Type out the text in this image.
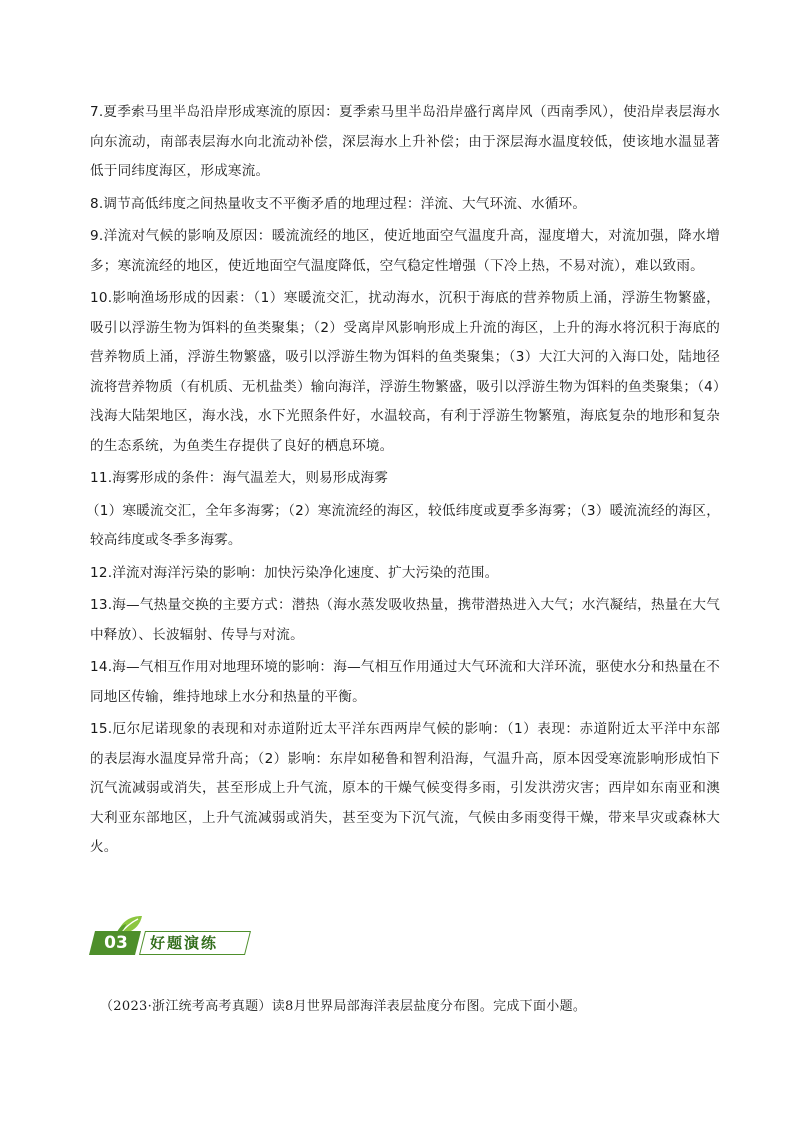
7.夏季索马里半岛沿岸形成寒流的原因：夏季索马里半岛沿岸盛行离岸风（西南季风），使沿岸表层海水向东流动，南部表层海水向北流动补偿，深层海水上升补偿；由于深层海水温度较低，使该地水温显著低于同纬度海区，形成寒流。

8.调节高低纬度之间热量收支不平衡矛盾的地理过程：洋流、大气环流、水循环。

9.洋流对气候的影响及原因：暖流流经的地区，使近地面空气温度升高，湿度增大，对流加强，降水增多；寒流流经的地区，使近地面空气温度降低，空气稳定性增强（下冷上热，不易对流），难以致雨。

10.影响渔场形成的因素：（1）寒暖流交汇，扰动海水，沉积于海底的营养物质上涌，浮游生物繁盛，吸引以浮游生物为饵料的鱼类聚集；（2）受离岸风影响形成上升流的海区，上升的海水将沉积于海底的营养物质上涌，浮游生物繁盛，吸引以浮游生物为饵料的鱼类聚集；（3）大江大河的入海口处，陆地径流将营养物质（有机质、无机盐类）输向海洋，浮游生物繁盛，吸引以浮游生物为饵料的鱼类聚集；（4）浅海大陆架地区，海水浅，水下光照条件好，水温较高，有利于浮游生物繁殖，海底复杂的地形和复杂的生态系统，为鱼类生存提供了良好的栖息环境。

11.海雾形成的条件：海气温差大，则易形成海雾

（1）寒暖流交汇，全年多海雾；（2）寒流流经的海区，较低纬度或夏季多海雾；（3）暖流流经的海区，较高纬度或冬季多海雾。

12.洋流对海洋污染的影响：加快污染净化速度、扩大污染的范围。

13.海—气热量交换的主要方式：潜热（海水蒸发吸收热量，携带潜热进入大气；水汽凝结，热量在大气中释放）、长波辐射、传导与对流。

14.海—气相互作用对地理环境的影响：海—气相互作用通过大气环流和大洋环流，驱使水分和热量在不同地区传输，维持地球上水分和热量的平衡。

15.厄尔尼诺现象的表现和对赤道附近太平洋东西两岸气候的影响：（1）表现：赤道附近太平洋中东部的表层海水温度异常升高；（2）影响：东岸如秘鲁和智利沿海，气温升高，原本因受寒流影响形成怕下沉气流减弱或消失，甚至形成上升气流，原本的干燥气候变得多雨，引发洪涝灾害；西岸如东南亚和澳大利亚东部地区，上升气流减弱或消失，甚至变为下沉气流，气候由多雨变得干燥，带来旱灾或森林大火。

03	好题演练
（2023·浙江统考高考真题）读8月世界局部海洋表层盐度分布图。完成下面小题。
